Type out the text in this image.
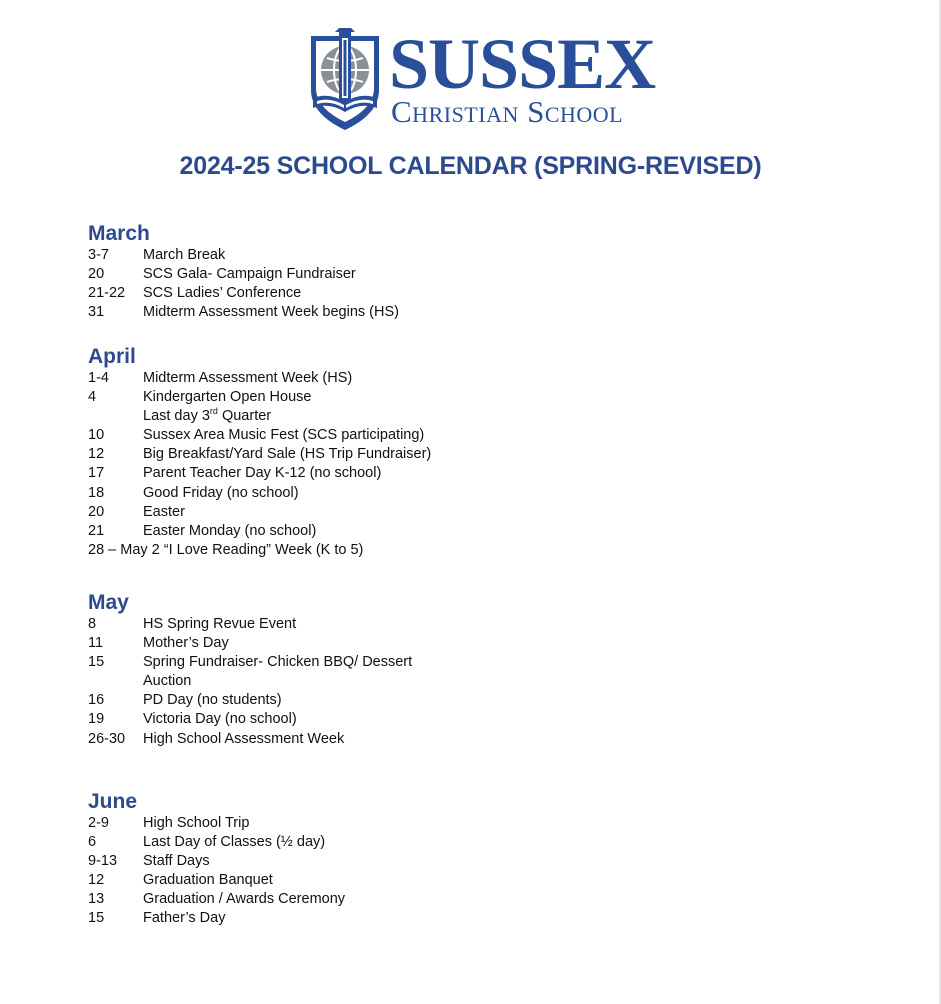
SUSSEX
Christian School
2024-25 SCHOOL CALENDAR (SPRING-REVISED)
March
3-7 March Break
20	SCS Gala- Campaign Fundraiser
21-22 SCS Ladies’ Conference
31	Midterm Assessment Week begins (HS)
April
1-4 Midterm Assessment Week (HS)
4	Kindergarten Open House
Last day 3rd Quarter
10	Sussex Area Music Fest (SCS participating)
12	Big Breakfast/Yard Sale (HS Trip Fundraiser)
17	Parent Teacher Day K-12 (no school)
18	Good Friday (no school)
20	Easter
21	Easter Monday (no school)
28 – May 2 “I Love Reading” Week (K to 5)
May
8	HS Spring Revue Event
11	Mother’s Day
15	Spring Fundraiser- Chicken BBQ/ Dessert
Auction
16	PD Day (no students)
19	Victoria Day (no school)
26-30 High School Assessment Week
June
2-9 High School Trip
6	Last Day of Classes (½ day)
9-13 Staff Days
12	Graduation Banquet
13	Graduation / Awards Ceremony
15	Father’s Day
